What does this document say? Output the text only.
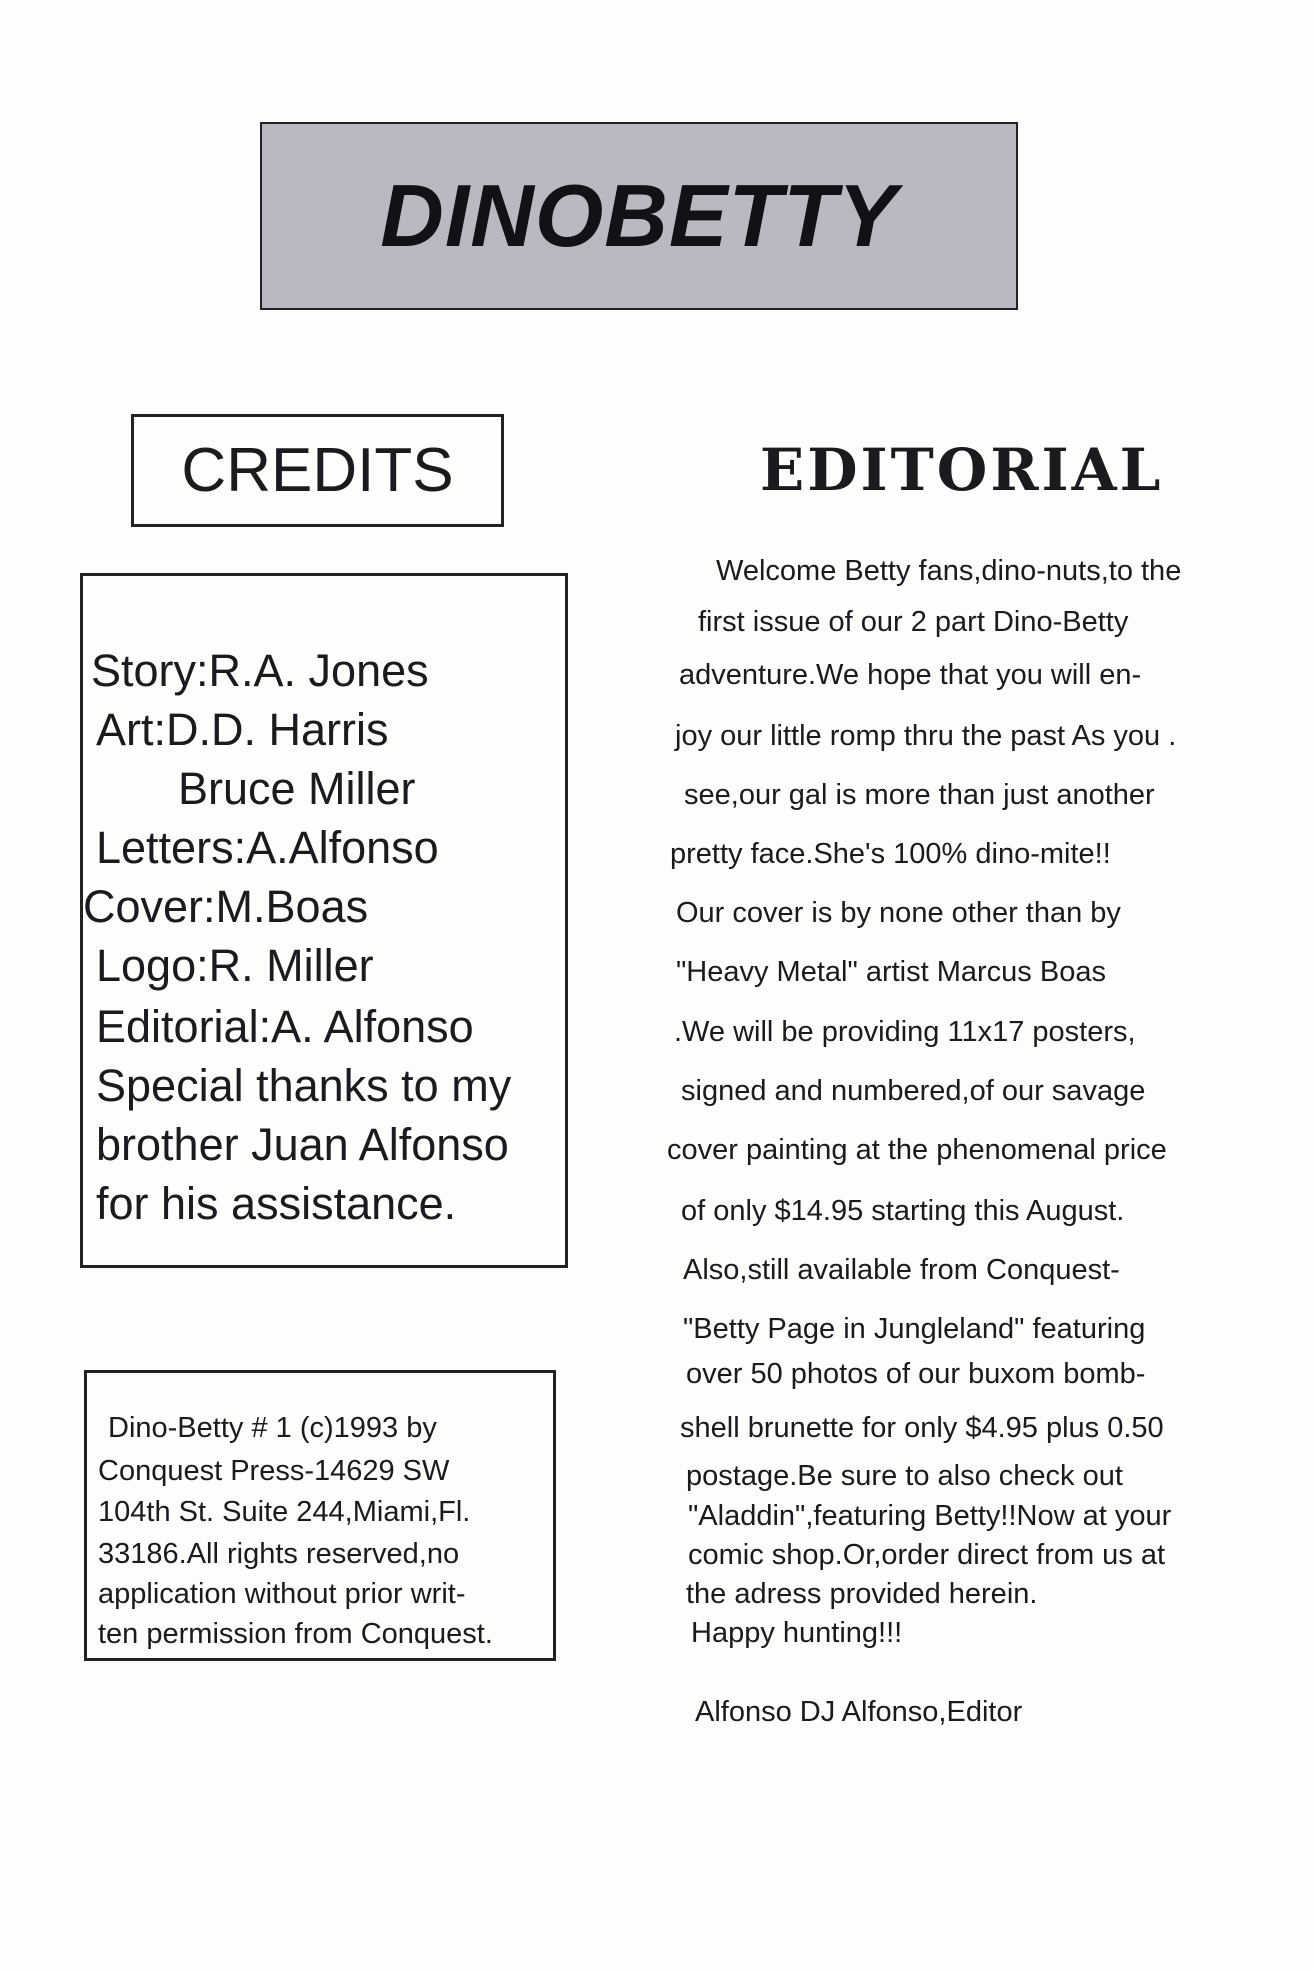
DINOBETTY
CREDITS
Story:R.A. Jones
Art:D.D. Harris
Bruce Miller
Letters:A.Alfonso
Cover:M.Boas
Logo:R. Miller
Editorial:A. Alfonso
Special thanks to my
brother Juan Alfonso
for his assistance.
Dino-Betty # 1 (c)1993 by
Conquest Press-14629 SW
104th St. Suite 244,Miami,Fl.
33186.All rights reserved,no
application without prior writ-
ten permission from Conquest.
EDITORIAL
Welcome Betty fans,dino-nuts,to the
first issue of our 2 part Dino-Betty
adventure.We hope that you will en-
joy our little romp thru the past As you .
see,our gal is more than just another
pretty face.She's 100% dino-mite!!
Our cover is by none other than by
"Heavy Metal" artist Marcus Boas
.We will be providing 11x17 posters,
signed and numbered,of our savage
cover painting at the phenomenal price
of only $14.95 starting this August.
Also,still available from Conquest-
"Betty Page in Jungleland" featuring
over 50 photos of our buxom bomb-
shell brunette for only $4.95 plus 0.50
postage.Be sure to also check out
"Aladdin",featuring Betty!!Now at your
comic shop.Or,order direct from us at
the adress provided herein.
Happy hunting!!!
Alfonso DJ Alfonso,Editor
